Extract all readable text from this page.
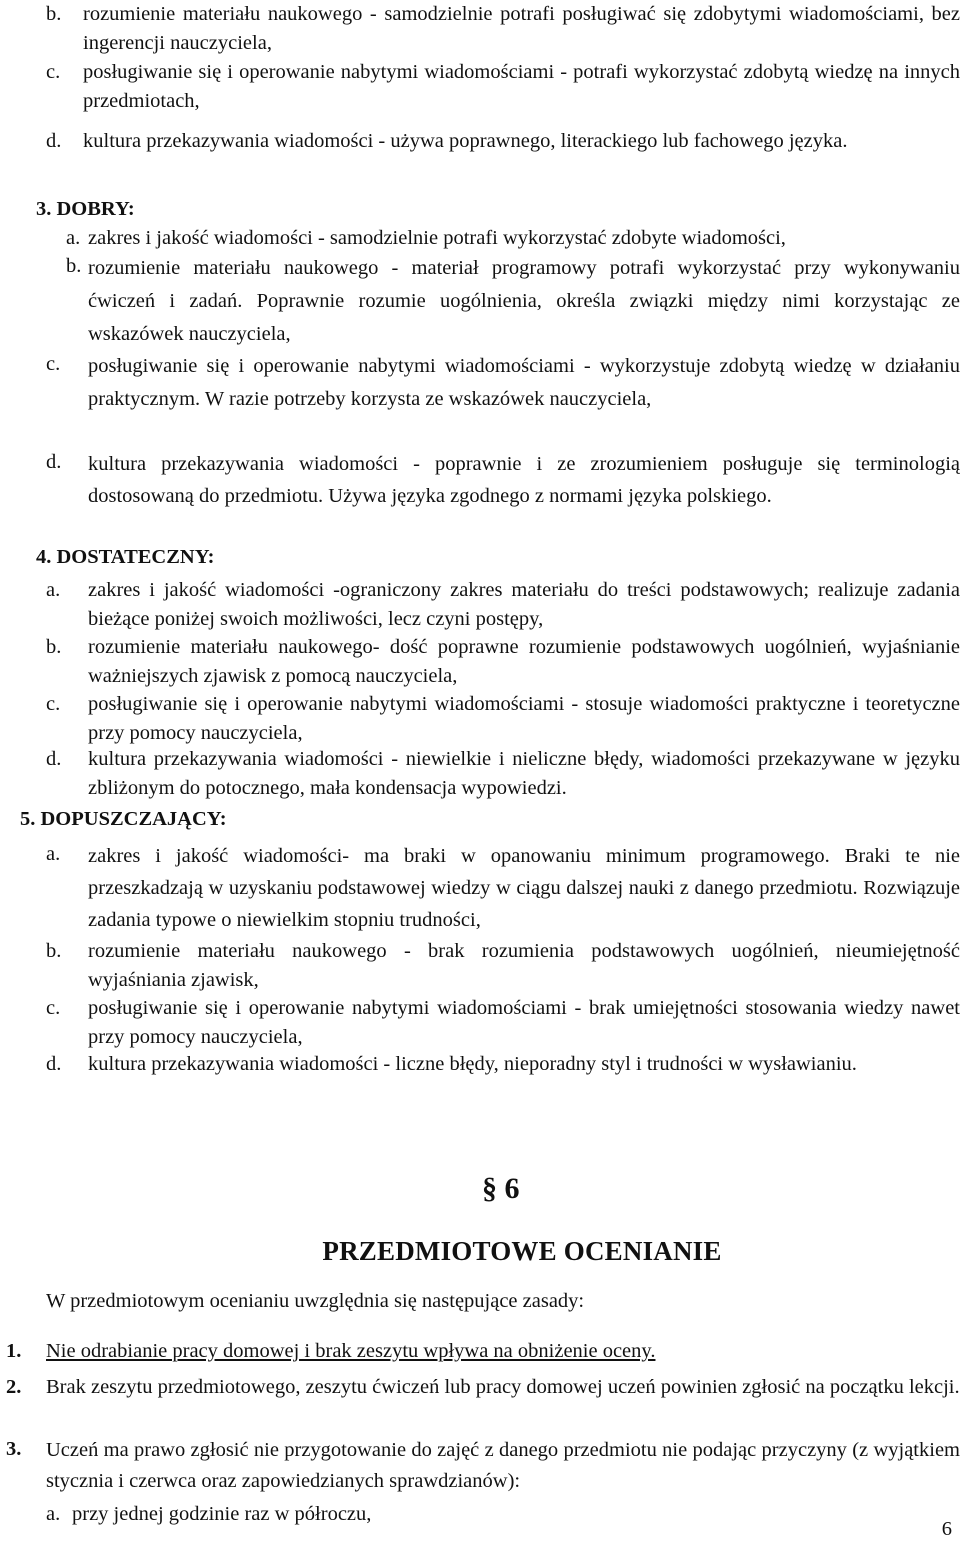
b. rozumienie materiału naukowego - samodzielnie potrafi posługiwać się zdobytymi wiadomościami, bez ingerencji nauczyciela,
c. posługiwanie się i operowanie nabytymi wiadomościami - potrafi wykorzystać zdobytą wiedzę na innych przedmiotach,
d. kultura przekazywania wiadomości - używa poprawnego, literackiego lub fachowego języka.
3. DOBRY:
a. zakres i jakość wiadomości - samodzielnie potrafi wykorzystać zdobyte wiadomości,
b. rozumienie materiału naukowego - materiał programowy potrafi wykorzystać przy wykonywaniu ćwiczeń i zadań. Poprawnie rozumie uogólnienia, określa związki między nimi korzystając ze wskazówek nauczyciela,
c. posługiwanie się i operowanie nabytymi wiadomościami - wykorzystuje zdobytą wiedzę w działaniu praktycznym. W razie potrzeby korzysta ze wskazówek nauczyciela,
d. kultura przekazywania wiadomości - poprawnie i ze zrozumieniem posługuje się terminologią dostosowaną do przedmiotu. Używa języka zgodnego z normami języka polskiego.
4. DOSTATECZNY:
a. zakres i jakość wiadomości -ograniczony zakres materiału do treści podstawowych; realizuje zadania bieżące poniżej swoich możliwości, lecz czyni postępy,
b. rozumienie materiału naukowego- dość poprawne rozumienie podstawowych uogólnień, wyjaśnianie ważniejszych zjawisk z pomocą nauczyciela,
c. posługiwanie się i operowanie nabytymi wiadomościami - stosuje wiadomości praktyczne i teoretyczne przy pomocy nauczyciela,
d. kultura przekazywania wiadomości - niewielkie i nieliczne błędy, wiadomości przekazywane w języku zbliżonym do potocznego, mała kondensacja wypowiedzi.
5. DOPUSZCZAJĄCY:
a. zakres i jakość wiadomości- ma braki w opanowaniu minimum programowego. Braki te nie przeszkadzają w uzyskaniu podstawowej wiedzy w ciągu dalszej nauki z danego przedmiotu. Rozwiązuje zadania typowe o niewielkim stopniu trudności,
b. rozumienie materiału naukowego - brak rozumienia podstawowych uogólnień, nieumiejętność wyjaśniania zjawisk,
c. posługiwanie się i operowanie nabytymi wiadomościami - brak umiejętności stosowania wiedzy nawet przy pomocy nauczyciela,
d. kultura przekazywania wiadomości - liczne błędy, nieporadny styl i trudności w wysławianiu.
§ 6
PRZEDMIOTOWE OCENIANIE
W przedmiotowym ocenianiu uwzględnia się następujące zasady:
1. Nie odrabianie pracy domowej i brak zeszytu wpływa na obniżenie oceny.
2. Brak zeszytu przedmiotowego, zeszytu ćwiczeń lub pracy domowej uczeń powinien zgłosić na początku lekcji.
3. Uczeń ma prawo zgłosić nie przygotowanie do zajęć z danego przedmiotu nie podając przyczyny (z wyjątkiem stycznia i czerwca oraz zapowiedzianych sprawdzianów):
a. przy jednej godzinie raz w półroczu,
6
